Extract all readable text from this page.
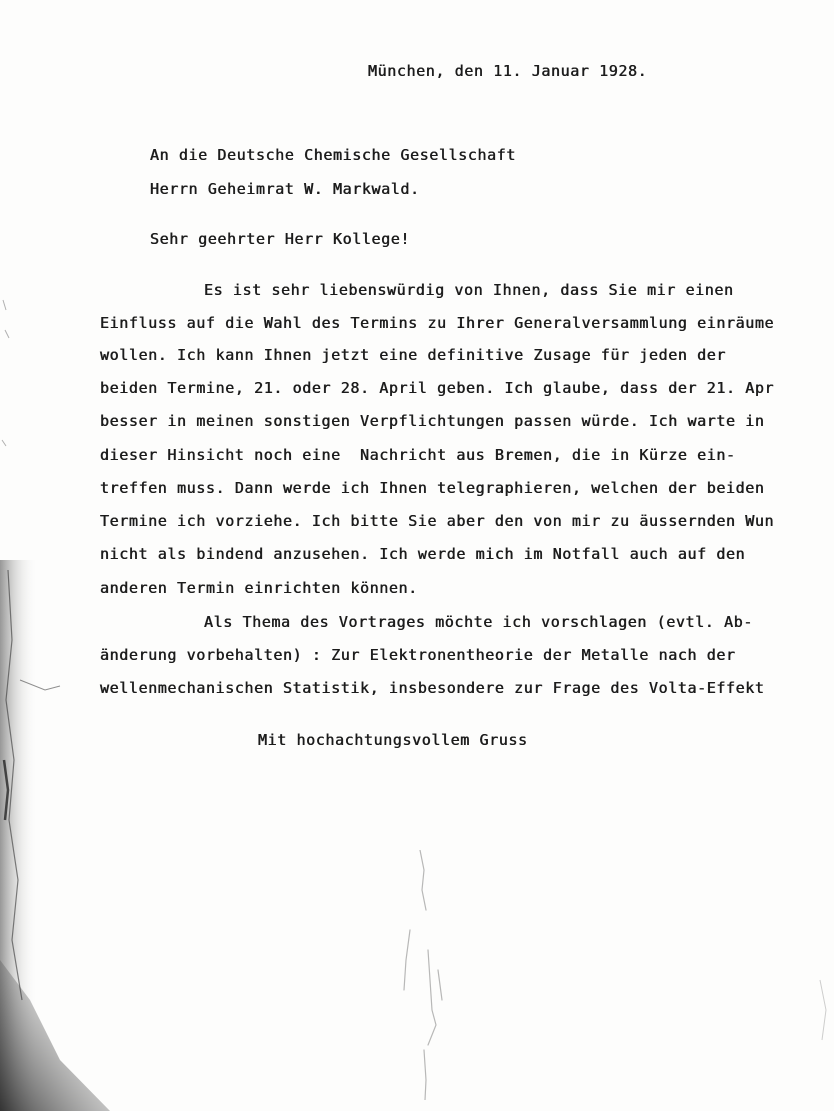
München, den 11. Januar 1928.
An die Deutsche Chemische Gesellschaft
Herrn Geheimrat W. Markwald.
Sehr geehrter Herr Kollege!
Es ist sehr liebenswürdig von Ihnen, dass Sie mir einen
Einfluss auf die Wahl des Termins zu Ihrer Generalversammlung einräume
wollen. Ich kann Ihnen jetzt eine definitive Zusage für jeden der
beiden Termine, 21. oder 28. April geben. Ich glaube, dass der 21. Apr
besser in meinen sonstigen Verpflichtungen passen würde. Ich warte in
dieser Hinsicht noch eine  Nachricht aus Bremen, die in Kürze ein-
treffen muss. Dann werde ich Ihnen telegraphieren, welchen der beiden
Termine ich vorziehe. Ich bitte Sie aber den von mir zu äussernden Wun
nicht als bindend anzusehen. Ich werde mich im Notfall auch auf den
anderen Termin einrichten können.
Als Thema des Vortrages möchte ich vorschlagen (evtl. Ab-
änderung vorbehalten) : Zur Elektronentheorie der Metalle nach der
wellenmechanischen Statistik, insbesondere zur Frage des Volta-Effekt
Mit hochachtungsvollem Gruss
